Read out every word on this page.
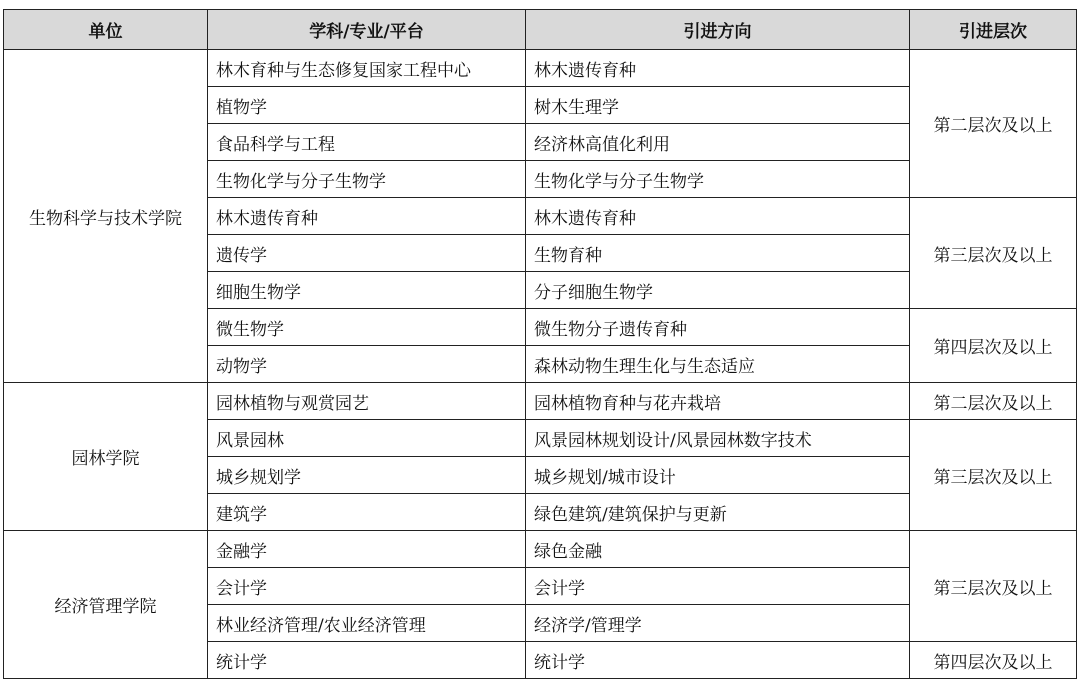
单位	学科/专业/平台	引进方向	引进层次
生物科学与技术学院	林木育种与生态修复国家工程中心	林木遗传育种	第二层次及以上
	植物学	树木生理学	
	食品科学与工程	经济林高值化利用	
	生物化学与分子生物学	生物化学与分子生物学	
	林木遗传育种	林木遗传育种	第三层次及以上
	遗传学	生物育种	
	细胞生物学	分子细胞生物学	
	微生物学	微生物分子遗传育种	第四层次及以上
	动物学	森林动物生理生化与生态适应	
园林学院	园林植物与观赏园艺	园林植物育种与花卉栽培	第二层次及以上
	风景园林	风景园林规划设计/风景园林数字技术	第三层次及以上
	城乡规划学	城乡规划/城市设计	
	建筑学	绿色建筑/建筑保护与更新	
经济管理学院	金融学	绿色金融	第三层次及以上
	会计学	会计学	
	林业经济管理/农业经济管理	经济学/管理学	
	统计学	统计学	第四层次及以上
